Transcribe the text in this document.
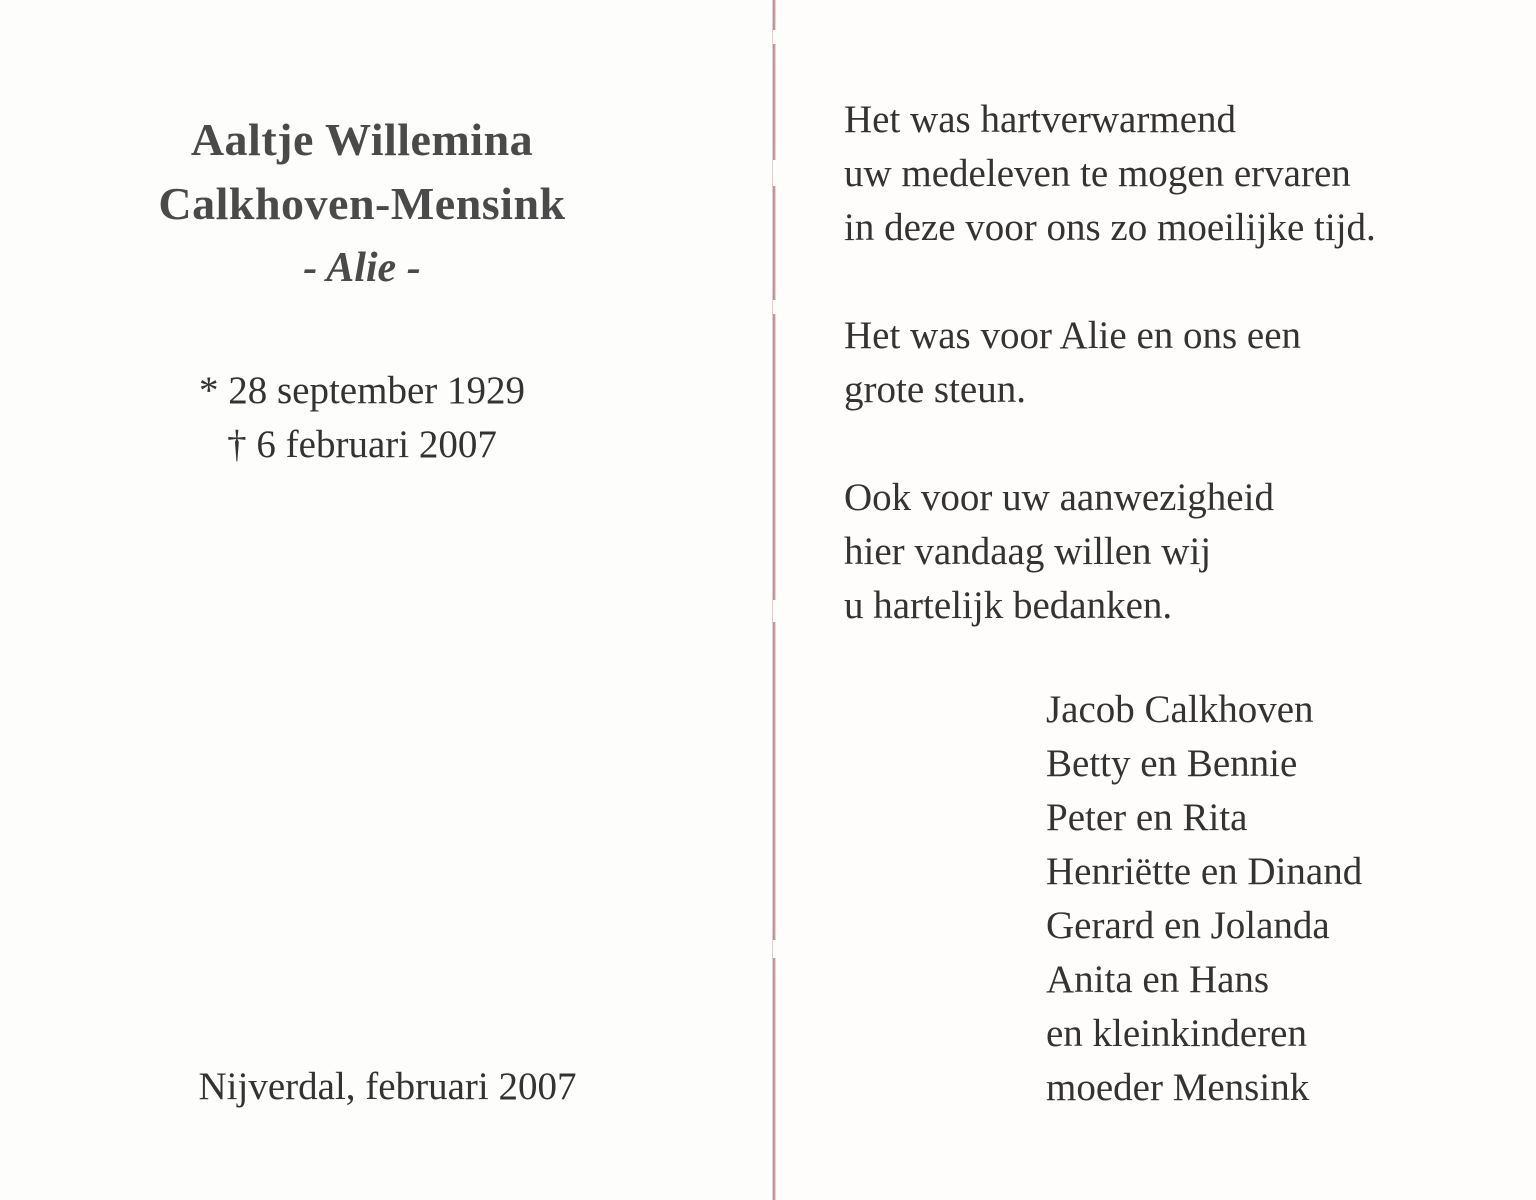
Aaltje Willemina
Calkhoven-Mensink
- Alie -
* 28 september 1929
† 6 februari 2007
Nijverdal, februari 2007
Het was hartverwarmend
uw medeleven te mogen ervaren
in deze voor ons zo moeilijke tijd.
Het was voor Alie en ons een
grote steun.
Ook voor uw aanwezigheid
hier vandaag willen wij
u hartelijk bedanken.
Jacob Calkhoven
Betty en Bennie
Peter en Rita
Henriëtte en Dinand
Gerard en Jolanda
Anita en Hans
en kleinkinderen
moeder Mensink
